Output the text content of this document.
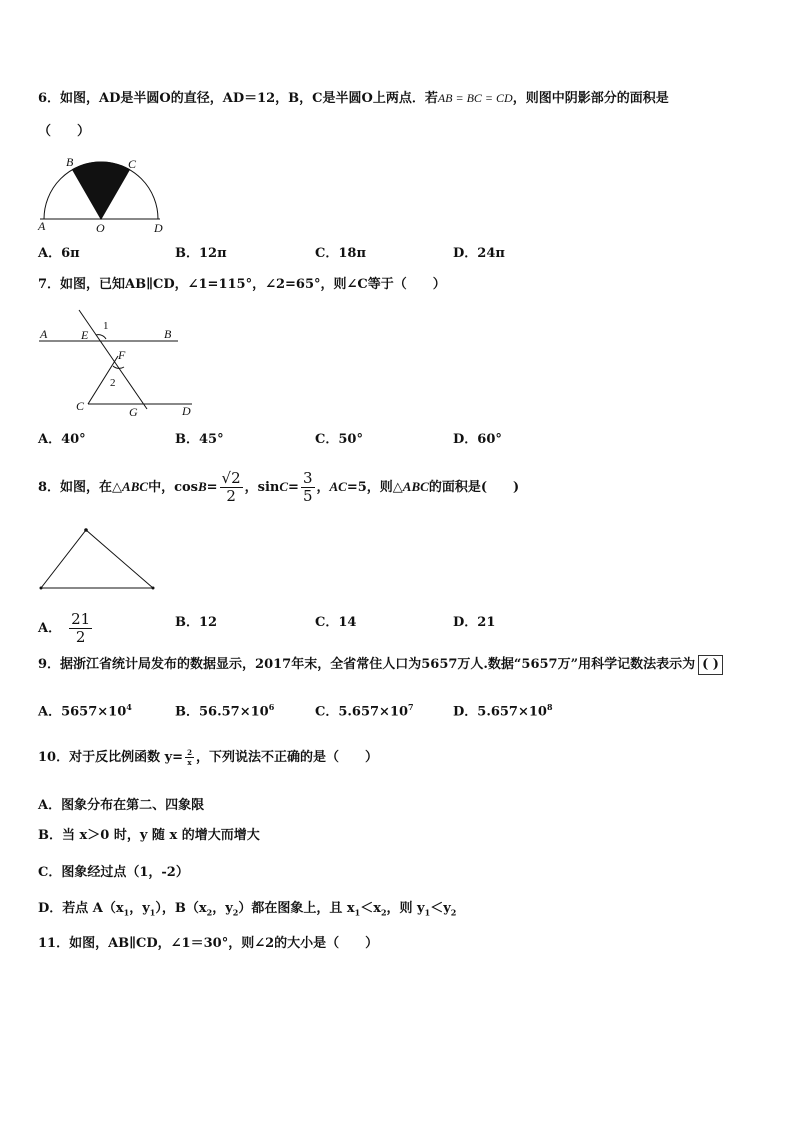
6．如图，AD是半圆O的直径，AD＝12，B，C是半圆O上两点．若AB = BC = CD，则图中阴影部分的面积是
（　　）
A
B	C
O	D
A．6π	B．12π	C．18π	D．24π
7．如图，已知AB∥CD，∠1=115°，∠2=65°，则∠C等于（　　）
A	E
1
B
F
2
C	G	D
A．40°	B．45°	C．50°	D．60°
8．如图，在△ABC中，$\cos B= \frac{√2}{2}$ ，$\sin C= \frac{3}{5}$ ，AC=5，则△ABC的面积是(　　)
A． $\frac{21}{2}$	B．12	C．14	D．21
9．据浙江省统计局发布的数据显示，2017年末，全省常住人口为5657万人.数据“5657万”用科学记数法表示为 ( )
A．$5657\times 10^4$	B．$56.57\times 10^6$	C．$5.657\times 10^7$	D．$5.657\times 10^8$
10．对于反比例函数 $y= \frac{2}{x}$ ，下列说法不正确的是（　　）
A．图象分布在第二、四象限
B．当 x＞0 时，y 随 x 的增大而增大
C．图象经过点（1，-2）
D．若点 $A(x_1$，$y_1$），$B(x_2$，$y_2$）都在图象上，且 $x_1<x_2$，则 $y_1<y_2$
11．如图，AB∥CD，∠1＝30°，则∠2的大小是（　　）
